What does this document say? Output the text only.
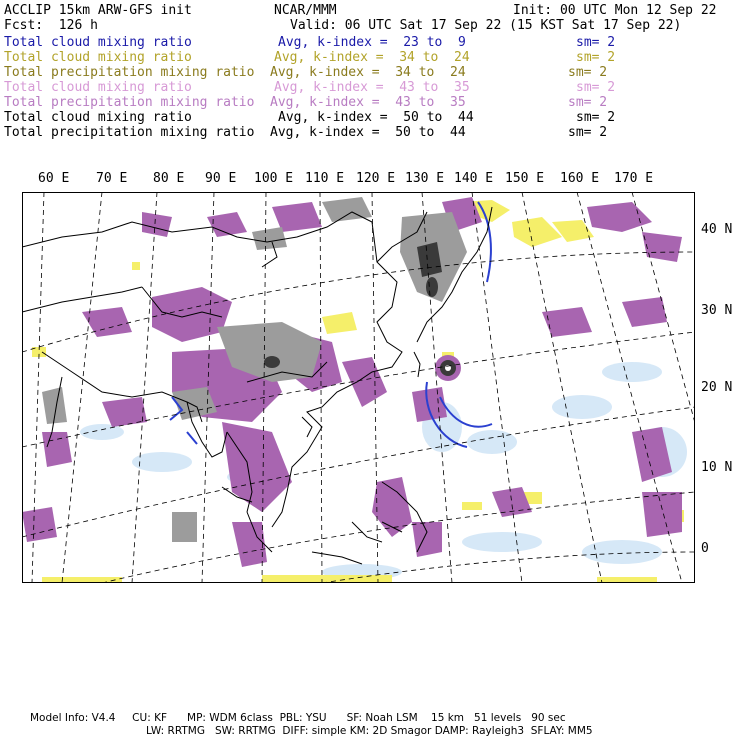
ACCLIP 15km ARW-GFS init	NCAR/MMM	Init: 00 UTC Mon 12 Sep 22
Fcst:  126 h	Valid: 06 UTC Sat 17 Sep 22 (15 KST Sat 17 Sep 22)
Total cloud mixing ratio	Avg, k-index =  23 to  9	sm= 2
Total cloud mixing ratio	Avg, k-index =  34 to  24	sm= 2
Total precipitation mixing ratio Avg, k-index =  34 to  24	sm= 2
Total cloud mixing ratio	Avg, k-index =  43 to  35	sm= 2
Total precipitation mixing ratio Avg, k-index =  43 to  35	sm= 2
Total cloud mixing ratio	Avg, k-index =  50 to  44	sm= 2
Total precipitation mixing ratio Avg, k-index =  50 to  44	sm= 2
60 E 70 E 80 E 90 E 100 E 110 E 120 E 130 E 140 E 150 E 160 E 170 E
40 N
30 N
20 N
10 N
0
Model Info: V4.4     CU: KF      MP: WDM 6class  PBL: YSU      SF: Noah LSM    15 km   51 levels   90 sec
LW: RRTMG   SW: RRTMG  DIFF: simple KM: 2D Smagor DAMP: Rayleigh3  SFLAY: MM5
